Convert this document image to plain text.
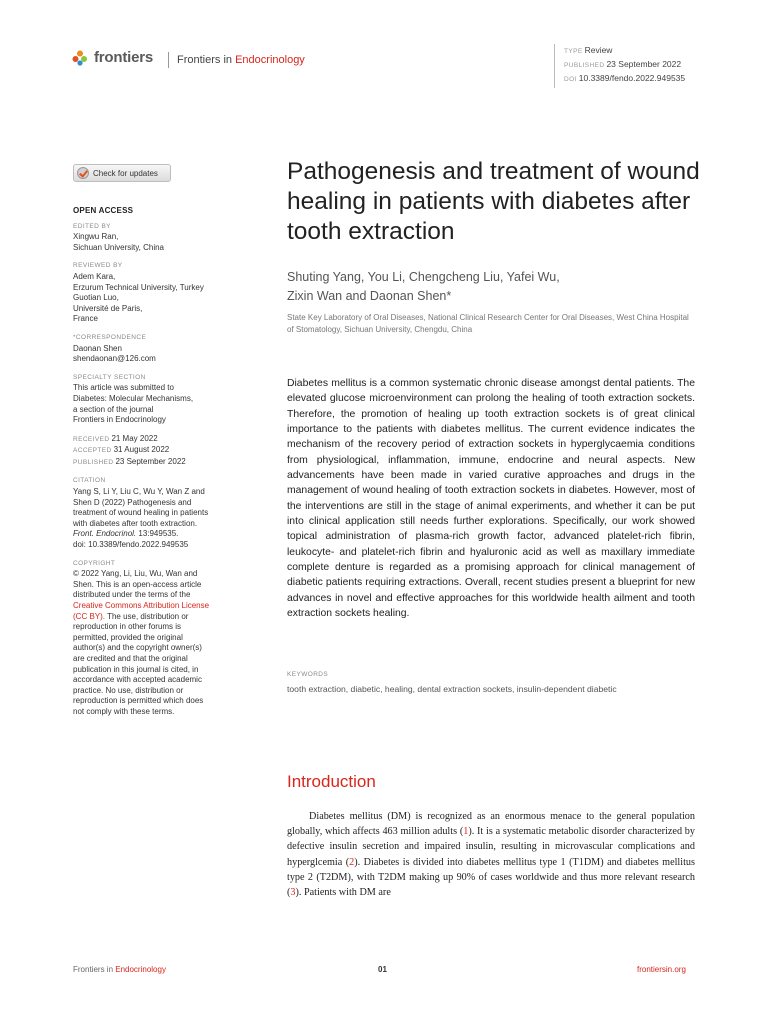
frontiers	Frontiers in Endocrinology
TYPE Review
PUBLISHED 23 September 2022
DOI 10.3389/fendo.2022.949535
Check for updates
OPEN ACCESS
EDITED BY
Xingwu Ran,
Sichuan University, China
REVIEWED BY
Adem Kara,
Erzurum Technical University, Turkey
Guotian Luo,
Université de Paris,
France
*CORRESPONDENCE
Daonan Shen
shendaonan@126.com
SPECIALTY SECTION
This article was submitted to
Diabetes: Molecular Mechanisms,
a section of the journal
Frontiers in Endocrinology
RECEIVED 21 May 2022
ACCEPTED 31 August 2022
PUBLISHED 23 September 2022
CITATION
Yang S, Li Y, Liu C, Wu Y, Wan Z and
Shen D (2022) Pathogenesis and
treatment of wound healing in patients
with diabetes after tooth extraction.
Front. Endocrinol. 13:949535.
doi: 10.3389/fendo.2022.949535
COPYRIGHT
© 2022 Yang, Li, Liu, Wu, Wan and
Shen. This is an open-access article
distributed under the terms of the
Creative Commons Attribution License
(CC BY). The use, distribution or
reproduction in other forums is
permitted, provided the original
author(s) and the copyright owner(s)
are credited and that the original
publication in this journal is cited, in
accordance with accepted academic
practice. No use, distribution or
reproduction is permitted which does
not comply with these terms.
Pathogenesis and treatment of wound healing in patients with diabetes after tooth extraction
Shuting Yang, You Li, Chengcheng Liu, Yafei Wu,
Zixin Wan and Daonan Shen*
State Key Laboratory of Oral Diseases, National Clinical Research Center for Oral Diseases, West China Hospital of Stomatology, Sichuan University, Chengdu, China
Diabetes mellitus is a common systematic chronic disease amongst dental patients. The elevated glucose microenvironment can prolong the healing of tooth extraction sockets. Therefore, the promotion of healing up tooth extraction sockets is of great clinical importance to the patients with diabetes mellitus. The current evidence indicates the mechanism of the recovery period of extraction sockets in hyperglycaemia conditions from physiological, inflammation, immune, endocrine and neural aspects. New advancements have been made in varied curative approaches and drugs in the management of wound healing of tooth extraction sockets in diabetes. However, most of the interventions are still in the stage of animal experiments, and whether it can be put into clinical application still needs further explorations. Specifically, our work showed topical administration of plasma-rich growth factor, advanced platelet-rich fibrin, leukocyte- and platelet-rich fibrin and hyaluronic acid as well as maxillary immediate complete denture is regarded as a promising approach for clinical management of diabetic patients requiring extractions. Overall, recent studies present a blueprint for new advances in novel and effective approaches for this worldwide health ailment and tooth extraction sockets healing.
KEYWORDS
tooth extraction, diabetic, healing, dental extraction sockets, insulin-dependent diabetic
Introduction
Diabetes mellitus (DM) is recognized as an enormous menace to the general population globally, which affects 463 million adults (1). It is a systematic metabolic disorder characterized by defective insulin secretion and impaired insulin, resulting in microvascular complications and hyperglcemia (2). Diabetes is divided into diabetes mellitus type 1 (T1DM) and diabetes mellitus type 2 (T2DM), with T2DM making up 90% of cases worldwide and thus more relevant research (3). Patients with DM are
Frontiers in Endocrinology	01	frontiersin.org
